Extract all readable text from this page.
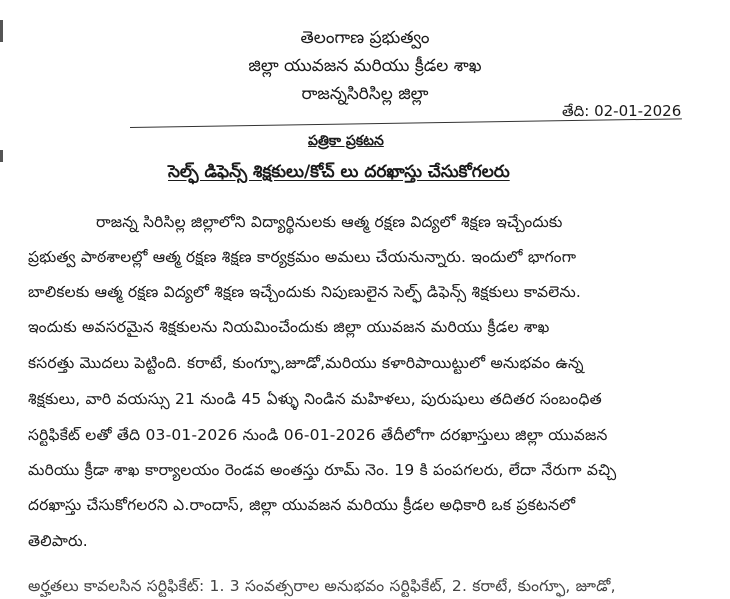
తెలంగాణ ప్రభుత్వం
జిల్లా యువజన మరియు క్రీడల శాఖ
రాజన్నసిరిసిల్ల జిల్లా
తేది: 02-01-2026
పత్రికా ప్రకటన
సెల్ఫ్ డిఫెన్స్ శిక్షకులు/కోచ్ లు దరఖాస్తు చేసుకోగలరు
రాజన్న సిరిసిల్ల జిల్లాలోని విద్యార్థినులకు ఆత్మ రక్షణ విద్యలో శిక్షణ ఇచ్చేందుకు
ప్రభుత్వ పాఠశాలల్లో ఆత్మ రక్షణ శిక్షణ కార్యక్రమం అమలు చేయనున్నారు. ఇందులో భాగంగా
బాలికలకు ఆత్మ రక్షణ విద్యలో శిక్షణ ఇచ్చేందుకు నిపుణులైన సెల్ఫ్ డిఫెన్స్ శిక్షకులు కావలెను.
ఇందుకు అవసరమైన శిక్షకులను నియమించేందుకు జిల్లా యువజన మరియు క్రీడల శాఖ
కసరత్తు మొదలు పెట్టింది. కరాటే, కుంగ్ఫూ,జూడో,మరియు కళారిపాయిట్టులో అనుభవం ఉన్న
శిక్షకులు, వారి వయస్సు 21 నుండి 45 ఏళ్ళు నిండిన మహిళలు, పురుషులు తదితర సంబంధిత
సర్టిఫికేట్ లతో తేది 03-01-2026 నుండి 06-01-2026 తేదీలోగా దరఖాస్తులు జిల్లా యువజన
మరియు క్రీడా శాఖ కార్యాలయం రెండవ అంతస్తు రూమ్ నెం. 19 కి పంపగలరు, లేదా నేరుగా వచ్చి
దరఖాస్తు చేసుకోగలరని ఎ.రాందాస్, జిల్లా యువజన మరియు క్రీడల అధికారి ఒక ప్రకటనలో
తెలిపారు.
అర్హతలు కావలసిన సర్టిఫికేట్: 1. 3 సంవత్సరాల అనుభవం సర్టిఫికేట్, 2. కరాటే, కుంగ్ఫూ, జూడో,
